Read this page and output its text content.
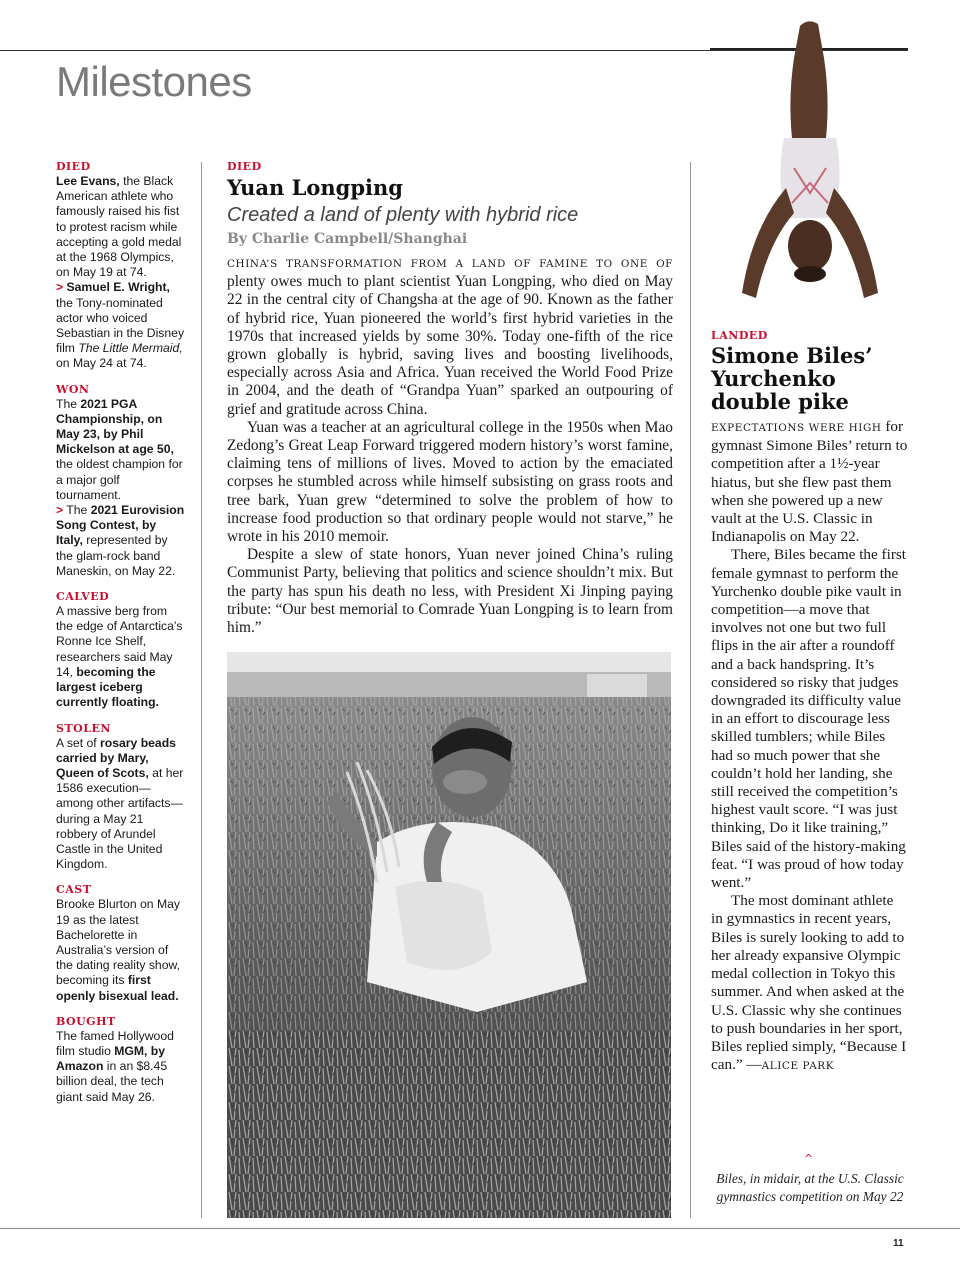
Milestones
DIED
Lee Evans, the Black American athlete who famously raised his fist to protest racism while accepting a gold medal at the 1968 Olympics, on May 19 at 74.
> Samuel E. Wright, the Tony-nominated actor who voiced Sebastian in the Disney film The Little Mermaid, on May 24 at 74.
WON
The 2021 PGA Championship, on May 23, by Phil Mickelson at age 50, the oldest champion for a major golf tournament.
> The 2021 Eurovision Song Contest, by Italy, represented by the glam-rock band Maneskin, on May 22.
CALVED
A massive berg from the edge of Antarctica’s Ronne Ice Shelf, researchers said May 14, becoming the largest iceberg currently floating.
STOLEN
A set of rosary beads carried by Mary, Queen of Scots, at her 1586 execution—among other artifacts—during a May 21 robbery of Arundel Castle in the United Kingdom.
CAST
Brooke Blurton on May 19 as the latest Bachelorette in Australia’s version of the dating reality show, becoming its first openly bisexual lead.
BOUGHT
The famed Hollywood film studio MGM, by Amazon in an $8.45 billion deal, the tech giant said May 26.
DIED
Yuan Longping
Created a land of plenty with hybrid rice
By Charlie Campbell/Shanghai

CHINA’S TRANSFORMATION FROM A LAND OF FAMINE TO ONE OF plenty owes much to plant scientist Yuan Longping, who died on May 22 in the central city of Changsha at the age of 90. Known as the father of hybrid rice, Yuan pioneered the world’s first hybrid varieties in the 1970s that increased yields by some 30%. Today one-fifth of the rice grown globally is hybrid, saving lives and boosting livelihoods, especially across Asia and Africa. Yuan received the World Food Prize in 2004, and the death of “Grandpa Yuan” sparked an outpouring of grief and gratitude across China.

Yuan was a teacher at an agricultural college in the 1950s when Mao Zedong’s Great Leap Forward triggered modern history’s worst famine, claiming tens of millions of lives. Moved to action by the emaciated corpses he stumbled across while himself subsisting on grass roots and tree bark, Yuan grew “determined to solve the problem of how to increase food production so that ordinary people would not starve,” he wrote in his 2010 memoir.

Despite a slew of state honors, Yuan never joined China’s ruling Communist Party, believing that politics and science shouldn’t mix. But the party has spun his death no less, with President Xi Jinping paying tribute: “Our best memorial to Comrade Yuan Longping is to learn from him.”

LANDED
Simone Biles’ Yurchenko double pike

EXPECTATIONS WERE HIGH for gymnast Simone Biles’ return to competition after a 1½-year hiatus, but she flew past them when she powered up a new vault at the U.S. Classic in Indianapolis on May 22.

There, Biles became the first female gymnast to perform the Yurchenko double pike vault in competition—a move that involves not one but two full flips in the air after a roundoff and a back handspring. It’s considered so risky that judges downgraded its difficulty value in an effort to discourage less skilled tumblers; while Biles had so much power that she couldn’t hold her landing, she still received the competition’s highest vault score. “I was just thinking, Do it like training,” Biles said of the history-making feat. “I was proud of how today went.”

The most dominant athlete in gymnastics in recent years, Biles is surely looking to add to her already expansive Olympic medal collection in Tokyo this summer. And when asked at the U.S. Classic why she continues to push boundaries in her sport, Biles replied simply, “Because I can.” —ALICE PARK

^
Biles, in midair, at the U.S. Classic gymnastics competition on May 22
11
